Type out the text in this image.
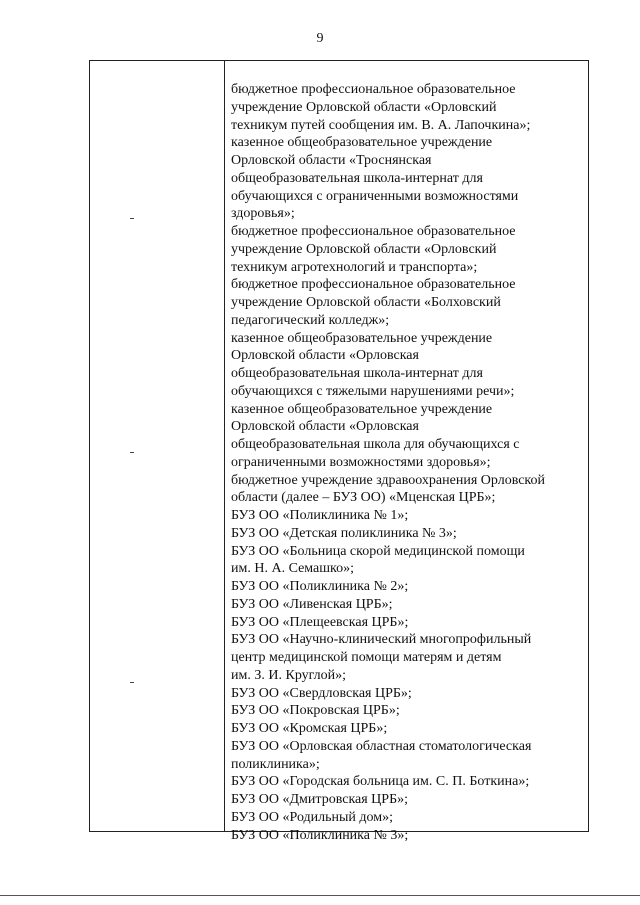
9
бюджетное профессиональное образовательное
учреждение Орловской области «Орловский
техникум путей сообщения им. В. А. Лапочкина»;
казенное общеобразовательное учреждение
Орловской области «Троснянская
общеобразовательная школа-интернат для
обучающихся с ограниченными возможностями
здоровья»;
бюджетное профессиональное образовательное
учреждение Орловской области «Орловский
техникум агротехнологий и транспорта»;
бюджетное профессиональное образовательное
учреждение Орловской области «Болховский
педагогический колледж»;
казенное общеобразовательное учреждение
Орловской области «Орловская
общеобразовательная школа-интернат для
обучающихся с тяжелыми нарушениями речи»;
казенное общеобразовательное учреждение
Орловской области «Орловская
общеобразовательная школа для обучающихся с
ограниченными возможностями здоровья»;
бюджетное учреждение здравоохранения Орловской
области (далее – БУЗ ОО) «Мценская ЦРБ»;
БУЗ ОО «Поликлиника № 1»;
БУЗ ОО «Детская поликлиника № 3»;
БУЗ ОО «Больница скорой медицинской помощи
им. Н. А. Семашко»;
БУЗ ОО «Поликлиника № 2»;
БУЗ ОО «Ливенская ЦРБ»;
БУЗ ОО «Плещеевская ЦРБ»;
БУЗ ОО «Научно-клинический многопрофильный
центр медицинской помощи матерям и детям
им. З. И. Круглой»;
БУЗ ОО «Свердловская ЦРБ»;
БУЗ ОО «Покровская ЦРБ»;
БУЗ ОО «Кромская ЦРБ»;
БУЗ ОО «Орловская областная стоматологическая
поликлиника»;
БУЗ ОО «Городская больница им. С. П. Боткина»;
БУЗ ОО «Дмитровская ЦРБ»;
БУЗ ОО «Родильный дом»;
БУЗ ОО «Поликлиника № 3»;
